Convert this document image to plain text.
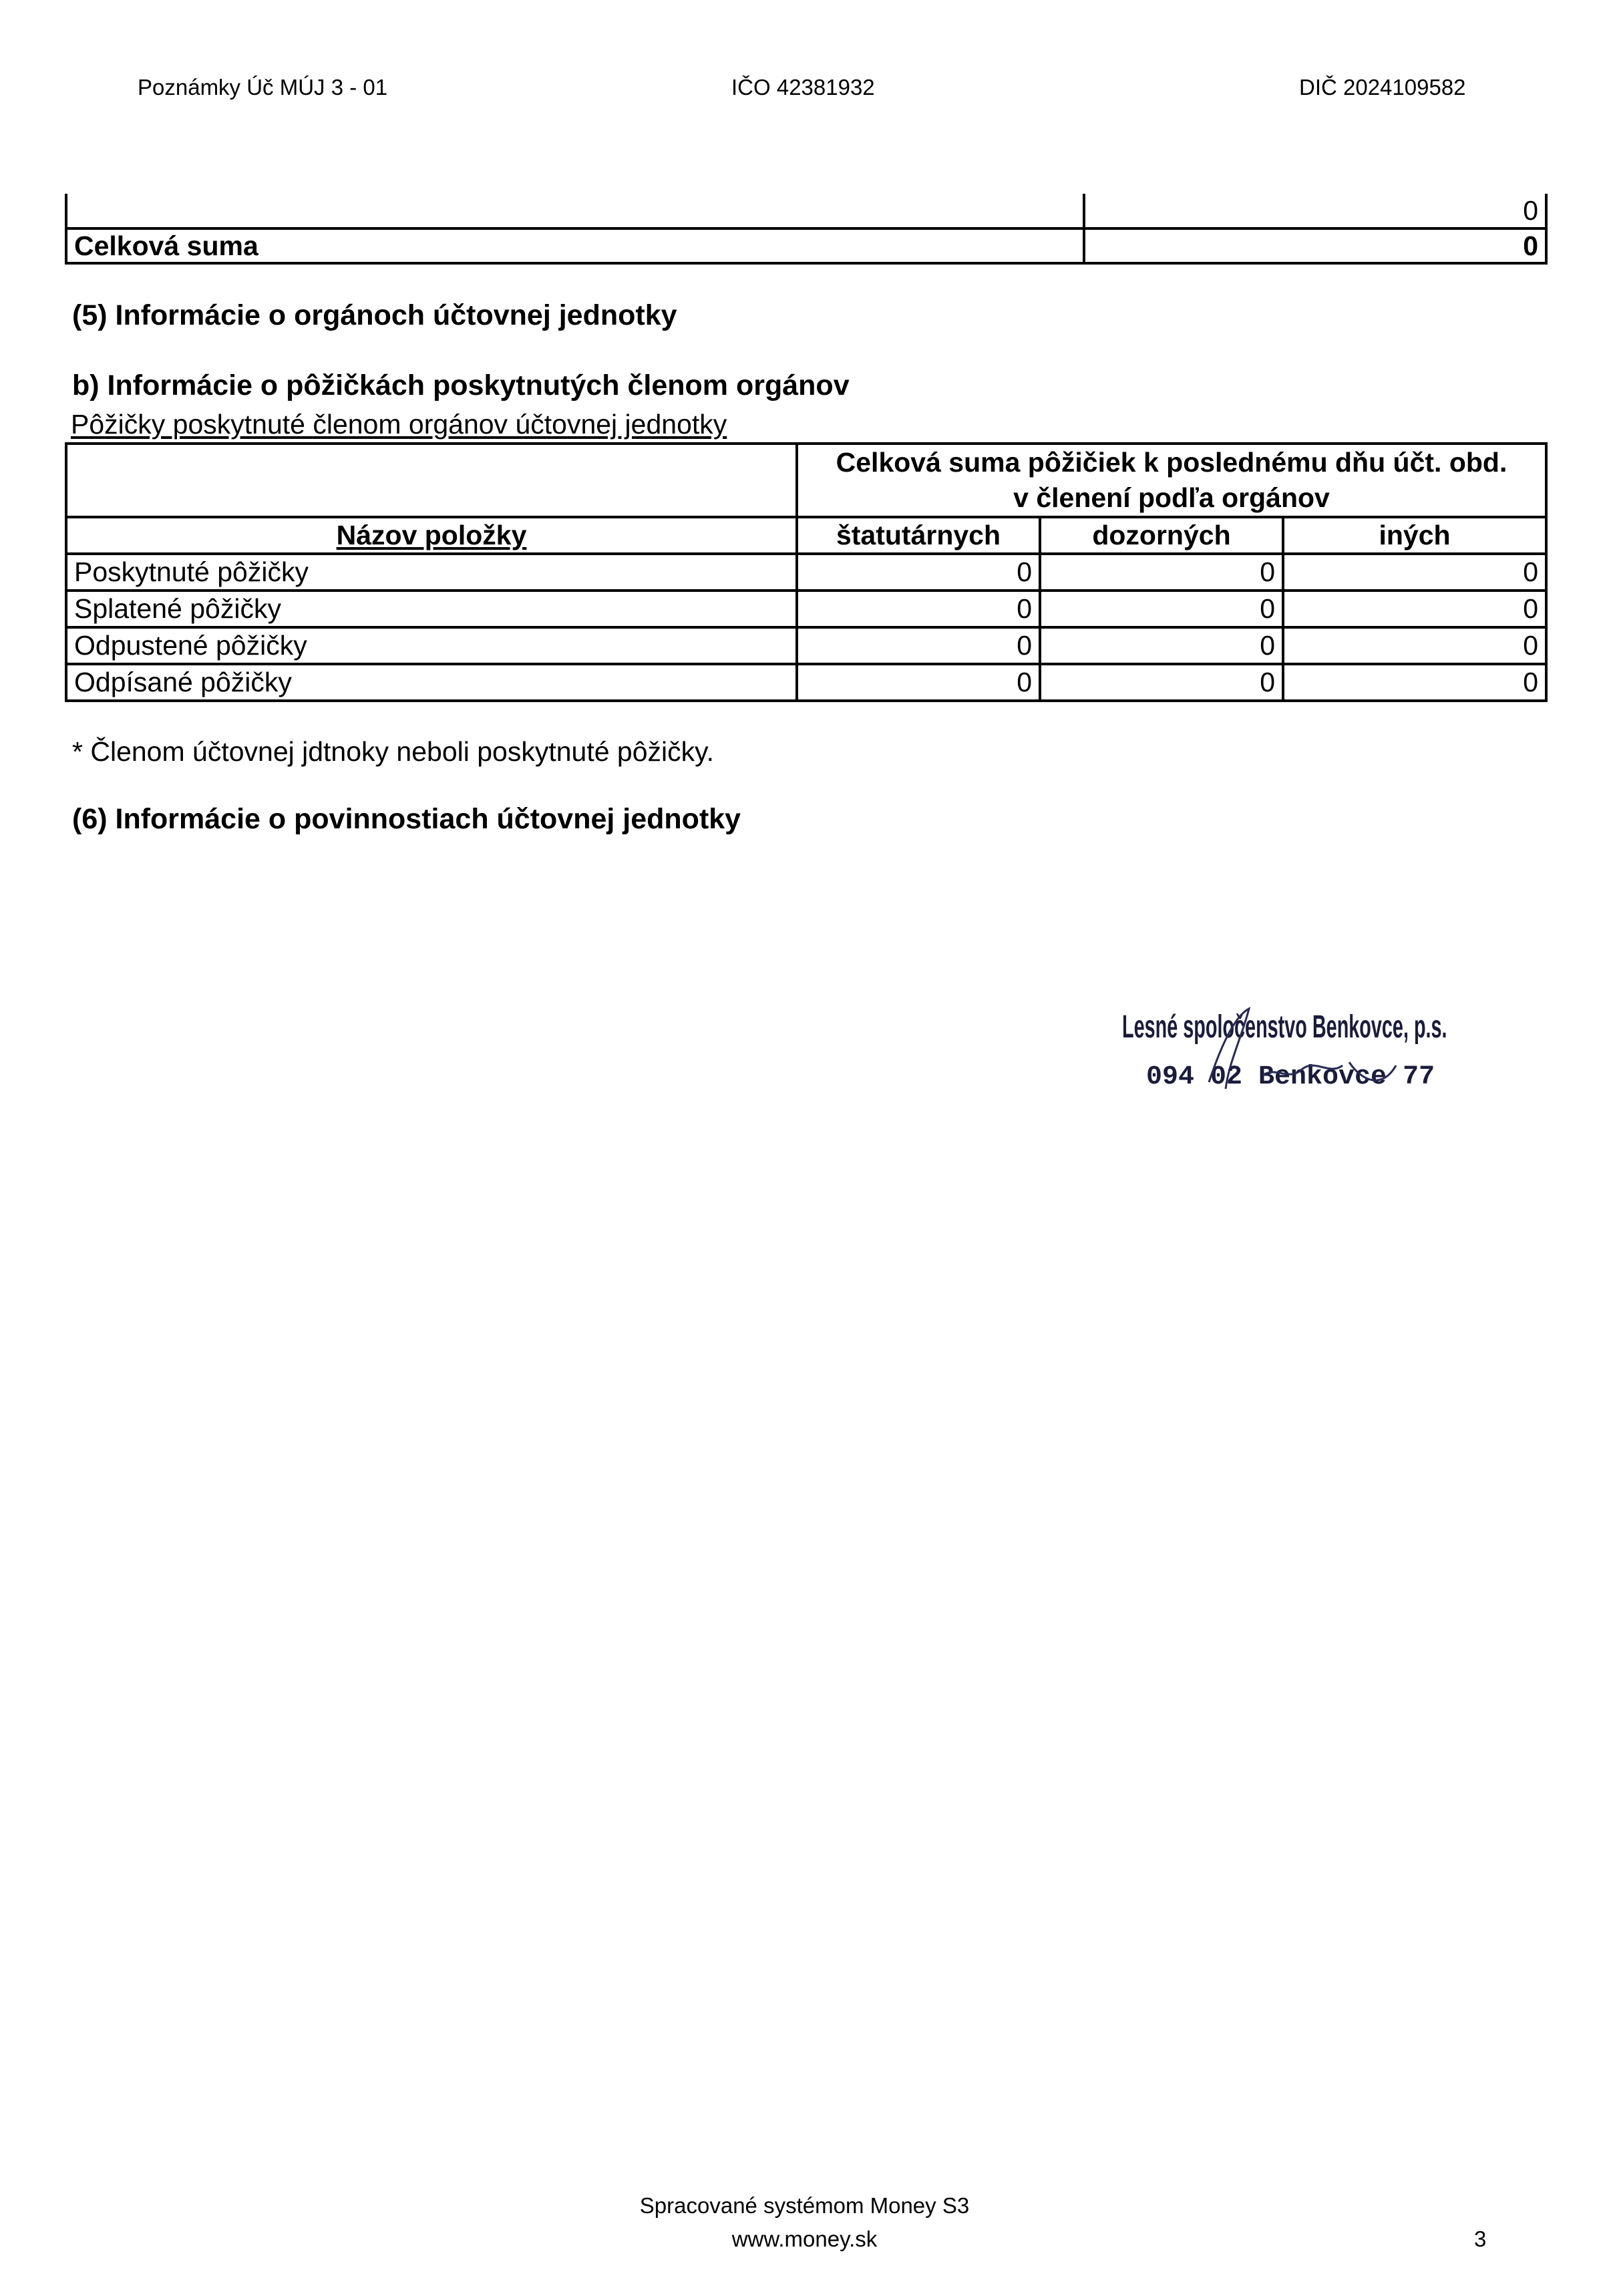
Poznámky Úč MÚJ 3 - 01	IČO 42381932	DIČ 2024109582
	0
Celková suma	0
(5) Informácie o orgánoch účtovnej jednotky
b) Informácie o pôžičkách poskytnutých členom orgánov
Pôžičky poskytnuté členom orgánov účtovnej jednotky
	Celková suma pôžičiek k poslednému dňu účt. obd.		
	v členení podľa orgánov		
Názov položky	štatutárnych	dozorných	iných
Poskytnuté pôžičky	0	0	0
Splatené pôžičky	0	0	0
Odpustené pôžičky	0	0	0
Odpísané pôžičky	0	0	0
* Členom účtovnej jdtnoky neboli poskytnuté pôžičky.
(6) Informácie o povinnostiach účtovnej jednotky
Lesné spoločenstvo Benkovce, p.s.
094 02 Benkovce 77
Spracované systémom Money S3
www.money.sk	3
